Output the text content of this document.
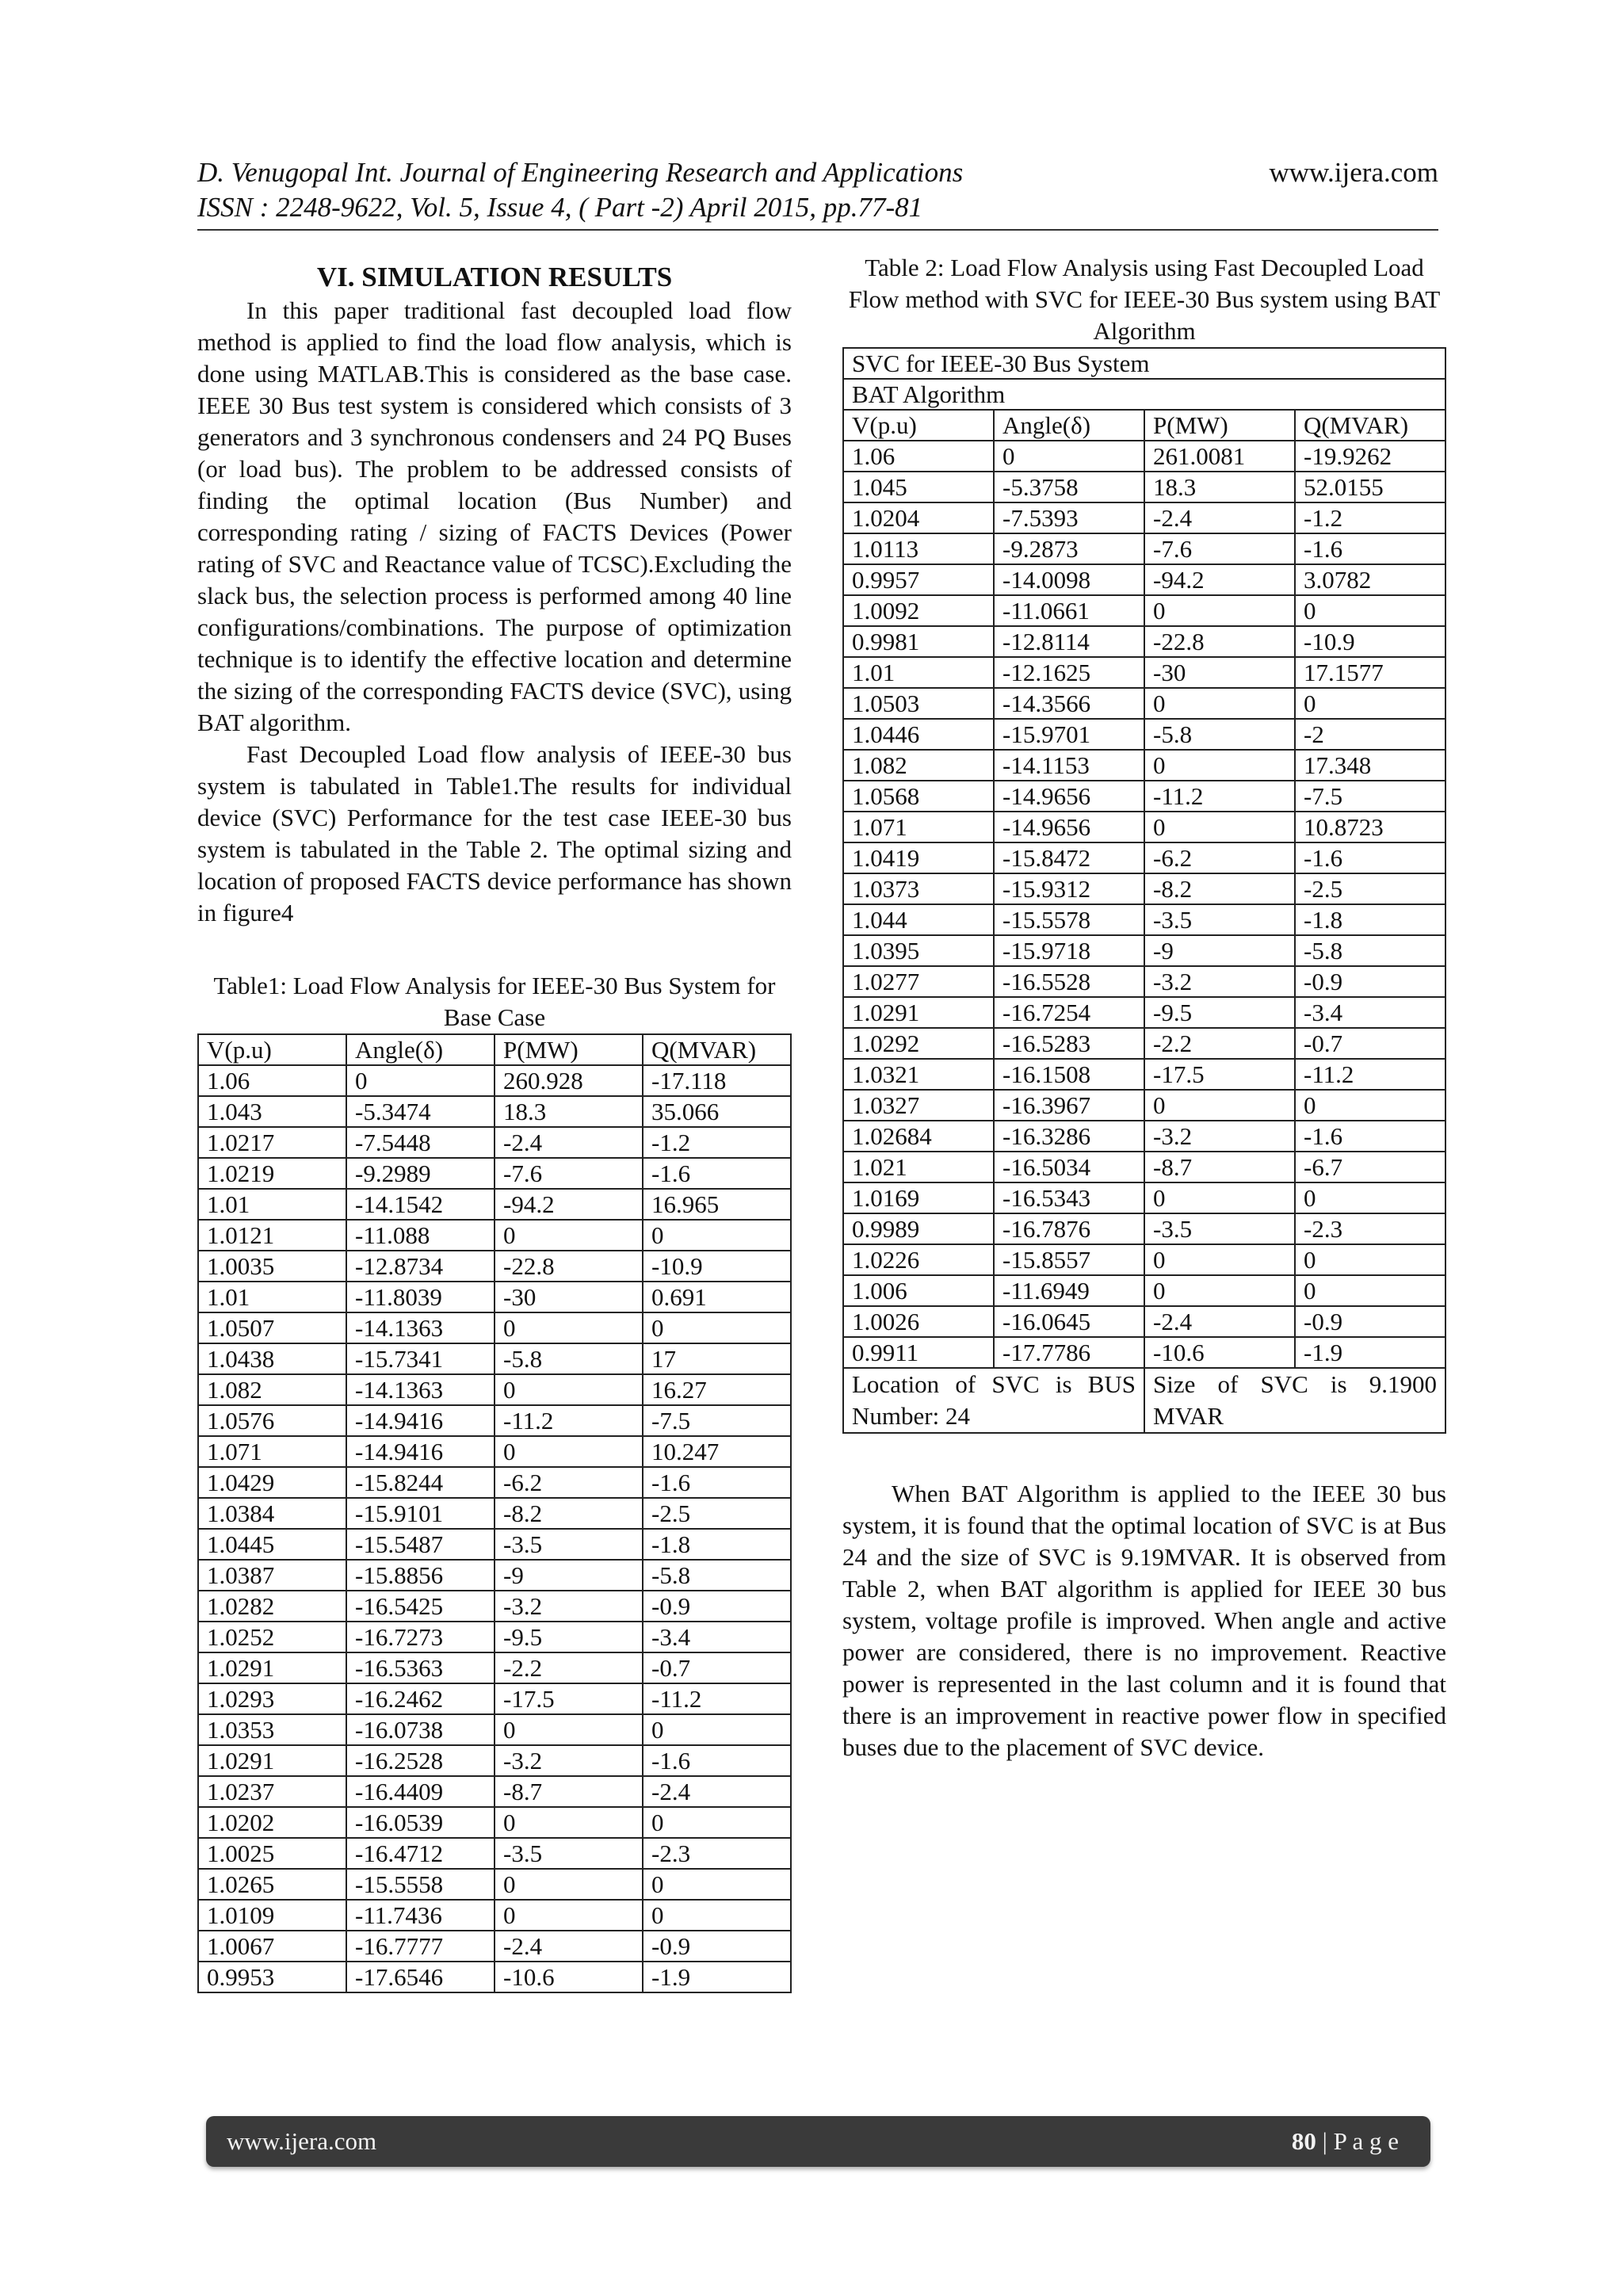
D. Venugopal Int. Journal of Engineering Research and Applications	www.ijera.com
ISSN : 2248-9622, Vol. 5, Issue 4, ( Part -2) April 2015, pp.77-81
VI. SIMULATION RESULTS

In this paper traditional fast decoupled load flow method is applied to find the load flow analysis, which is done using MATLAB.This is considered as the base case. IEEE 30 Bus test system is considered which consists of 3 generators and 3 synchronous condensers and 24 PQ Buses (or load bus). The problem to be addressed consists of finding the optimal location (Bus Number) and corresponding rating / sizing of FACTS Devices (Power rating of SVC and Reactance value of TCSC).Excluding the slack bus, the selection process is performed among 40 line configurations/combinations. The purpose of optimization technique is to identify the effective location and determine the sizing of the corresponding FACTS device (SVC), using BAT algorithm.

Fast Decoupled Load flow analysis of IEEE-30 bus system is tabulated in Table1.The results for individual device (SVC) Performance for the test case IEEE-30 bus system is tabulated in the Table 2. The optimal sizing and location of proposed FACTS device performance has shown in figure4

Table1: Load Flow Analysis for IEEE-30 Bus System for Base Case

V(p.u)	Angle(δ)	P(MW)	Q(MVAR)
1.06	0	260.928	-17.118
1.043	-5.3474	18.3	35.066
1.0217	-7.5448	-2.4	-1.2
1.0219	-9.2989	-7.6	-1.6
1.01	-14.1542	-94.2	16.965
1.0121	-11.088	0	0
1.0035	-12.8734	-22.8	-10.9
1.01	-11.8039	-30	0.691
1.0507	-14.1363	0	0
1.0438	-15.7341	-5.8	17
1.082	-14.1363	0	16.27
1.0576	-14.9416	-11.2	-7.5
1.071	-14.9416	0	10.247
1.0429	-15.8244	-6.2	-1.6
1.0384	-15.9101	-8.2	-2.5
1.0445	-15.5487	-3.5	-1.8
1.0387	-15.8856	-9	-5.8
1.0282	-16.5425	-3.2	-0.9
1.0252	-16.7273	-9.5	-3.4
1.0291	-16.5363	-2.2	-0.7
1.0293	-16.2462	-17.5	-11.2
1.0353	-16.0738	0	0
1.0291	-16.2528	-3.2	-1.6
1.0237	-16.4409	-8.7	-2.4
1.0202	-16.0539	0	0
1.0025	-16.4712	-3.5	-2.3
1.0265	-15.5558	0	0
1.0109	-11.7436	0	0
1.0067	-16.7777	-2.4	-0.9
0.9953	-17.6546	-10.6	-1.9

Table 2: Load Flow Analysis using Fast Decoupled Load Flow method with SVC for IEEE-30 Bus system using BAT Algorithm

SVC for IEEE-30 Bus System			
BAT Algorithm			
V(p.u)	Angle(δ)	P(MW)	Q(MVAR)
1.06	0	261.0081	-19.9262
1.045	-5.3758	18.3	52.0155
1.0204	-7.5393	-2.4	-1.2
1.0113	-9.2873	-7.6	-1.6
0.9957	-14.0098	-94.2	3.0782
1.0092	-11.0661	0	0
0.9981	-12.8114	-22.8	-10.9
1.01	-12.1625	-30	17.1577
1.0503	-14.3566	0	0
1.0446	-15.9701	-5.8	-2
1.082	-14.1153	0	17.348
1.0568	-14.9656	-11.2	-7.5
1.071	-14.9656	0	10.8723
1.0419	-15.8472	-6.2	-1.6
1.0373	-15.9312	-8.2	-2.5
1.044	-15.5578	-3.5	-1.8
1.0395	-15.9718	-9	-5.8
1.0277	-16.5528	-3.2	-0.9
1.0291	-16.7254	-9.5	-3.4
1.0292	-16.5283	-2.2	-0.7
1.0321	-16.1508	-17.5	-11.2
1.0327	-16.3967	0	0
1.02684	-16.3286	-3.2	-1.6
1.021	-16.5034	-8.7	-6.7
1.0169	-16.5343	0	0
0.9989	-16.7876	-3.5	-2.3
1.0226	-15.8557	0	0
1.006	-11.6949	0	0
1.0026	-16.0645	-2.4	-0.9
0.9911	-17.7786	-10.6	-1.9
Location of SVC is BUS Number: 24		Size of SVC is 9.1900 MVAR	

When BAT Algorithm is applied to the IEEE 30 bus system, it is found that the optimal location of SVC is at Bus 24 and the size of SVC is 9.19MVAR. It is observed from Table 2, when BAT algorithm is applied for IEEE 30 bus system, voltage profile is improved. When angle and active power are considered, there is no improvement. Reactive power is represented in the last column and it is found that there is an improvement in reactive power flow in specified buses due to the placement of SVC device.

www.ijera.com	80 | P a g e
